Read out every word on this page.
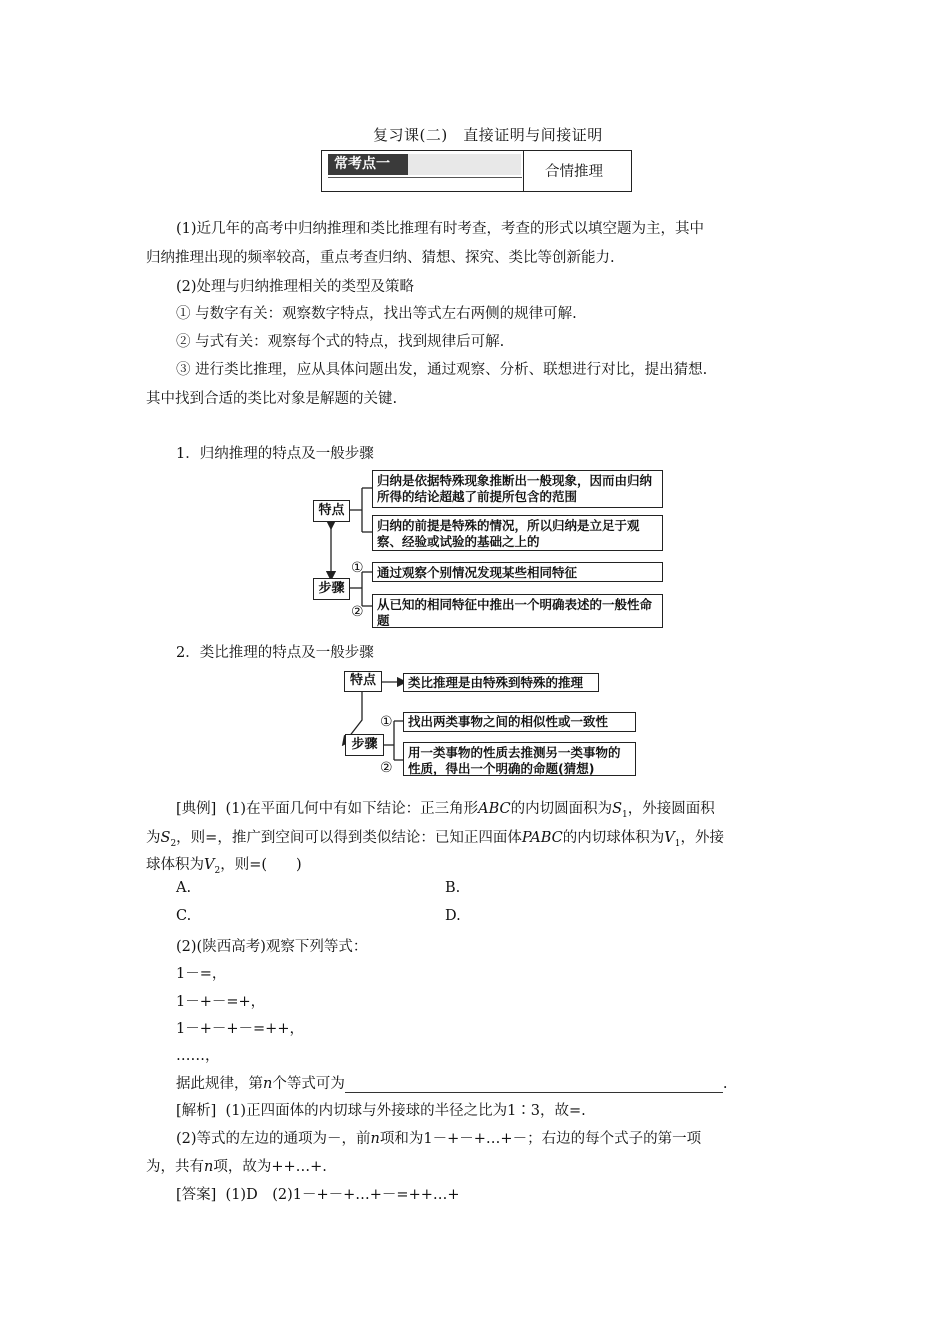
复习课(二)　直接证明与间接证明
常考点一	合情推理
(1)近几年的高考中归纳推理和类比推理有时考查，考查的形式以填空题为主，其中
归纳推理出现的频率较高，重点考查归纳、猜想、探究、类比等创新能力.
(2)处理与归纳推理相关的类型及策略
① 与数字有关：观察数字特点，找出等式左右两侧的规律可解.
② 与式有关：观察每个式的特点，找到规律后可解.
③ 进行类比推理，应从具体问题出发，通过观察、分析、联想进行对比，提出猜想.
其中找到合适的类比对象是解题的关键.
1．归纳推理的特点及一般步骤
特点
步骤
归纳是依据特殊现象推断出一般现象，因而由归纳所得的结论超越了前提所包含的范围
归纳的前提是特殊的情况，所以归纳是立足于观察、经验或试验的基础之上的
①
②
通过观察个别情况发现某些相同特征
从已知的相同特征中推出一个明确表述的一般性命题
2．类比推理的特点及一般步骤
特点	类比推理是由特殊到特殊的推理
步骤
①
②
找出两类事物之间的相似性或一致性
用一类事物的性质去推测另一类事物的性质，得出一个明确的命题(猜想)
[典例] (1)在平面几何中有如下结论：正三角形ABC的内切圆面积为$S_1$，外接圆面积
为$S_2$，则=，推广到空间可以得到类似结论：已知正四面体PABC的内切球体积为$V_1$，外接
球体积为$V_2$，则=(　　)
A.	B.
C.	D.
(2)(陕西高考)观察下列等式：
1－=，
1－+－=+，
1－+－+－=++，
……，
据此规律，第n个等式可为	.
[解析] (1)正四面体的内切球与外接球的半径之比为1∶3，故=.
(2)等式的左边的通项为－，前n项和为1－+－+…+－；右边的每个式子的第一项
为，共有n项，故为++…+.
[答案] (1)D　(2)1－+－+…+－=++…+
